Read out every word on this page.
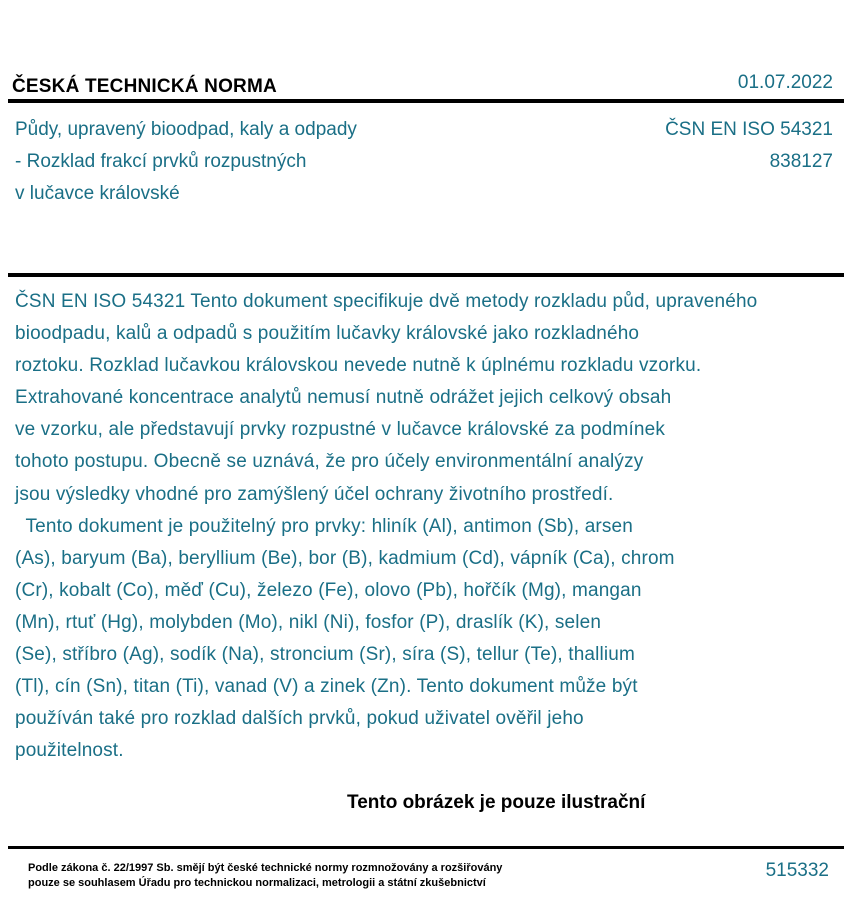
ČESKÁ TECHNICKÁ NORMA	01.07.2022
Půdy, upravený bioodpad, kaly a odpady
- Rozklad frakcí prvků rozpustných
v lučavce královské
ČSN EN ISO 54321
838127
ČSN EN ISO 54321 Tento dokument specifikuje dvě metody rozkladu půd, upraveného
bioodpadu, kalů a odpadů s použitím lučavky královské jako rozkladného
roztoku. Rozklad lučavkou královskou nevede nutně k úplnému rozkladu vzorku.
Extrahované koncentrace analytů nemusí nutně odrážet jejich celkový obsah
ve vzorku, ale představují prvky rozpustné v lučavce královské za podmínek
tohoto postupu. Obecně se uznává, že pro účely environmentální analýzy
jsou výsledky vhodné pro zamýšlený účel ochrany životního prostředí.
Tento dokument je použitelný pro prvky: hliník (Al), antimon (Sb), arsen
(As), baryum (Ba), beryllium (Be), bor (B), kadmium (Cd), vápník (Ca), chrom
(Cr), kobalt (Co), měď (Cu), železo (Fe), olovo (Pb), hořčík (Mg), mangan
(Mn), rtuť (Hg), molybden (Mo), nikl (Ni), fosfor (P), draslík (K), selen
(Se), stříbro (Ag), sodík (Na), stroncium (Sr), síra (S), tellur (Te), thallium
(Tl), cín (Sn), titan (Ti), vanad (V) a zinek (Zn). Tento dokument může být
používán také pro rozklad dalších prvků, pokud uživatel ověřil jeho
použitelnost.
Tento obrázek je pouze ilustrační
Podle zákona č. 22/1997 Sb. smějí být české technické normy rozmnožovány a rozšiřovány
pouze se souhlasem Úřadu pro technickou normalizaci, metrologii a státní zkušebnictví
515332
